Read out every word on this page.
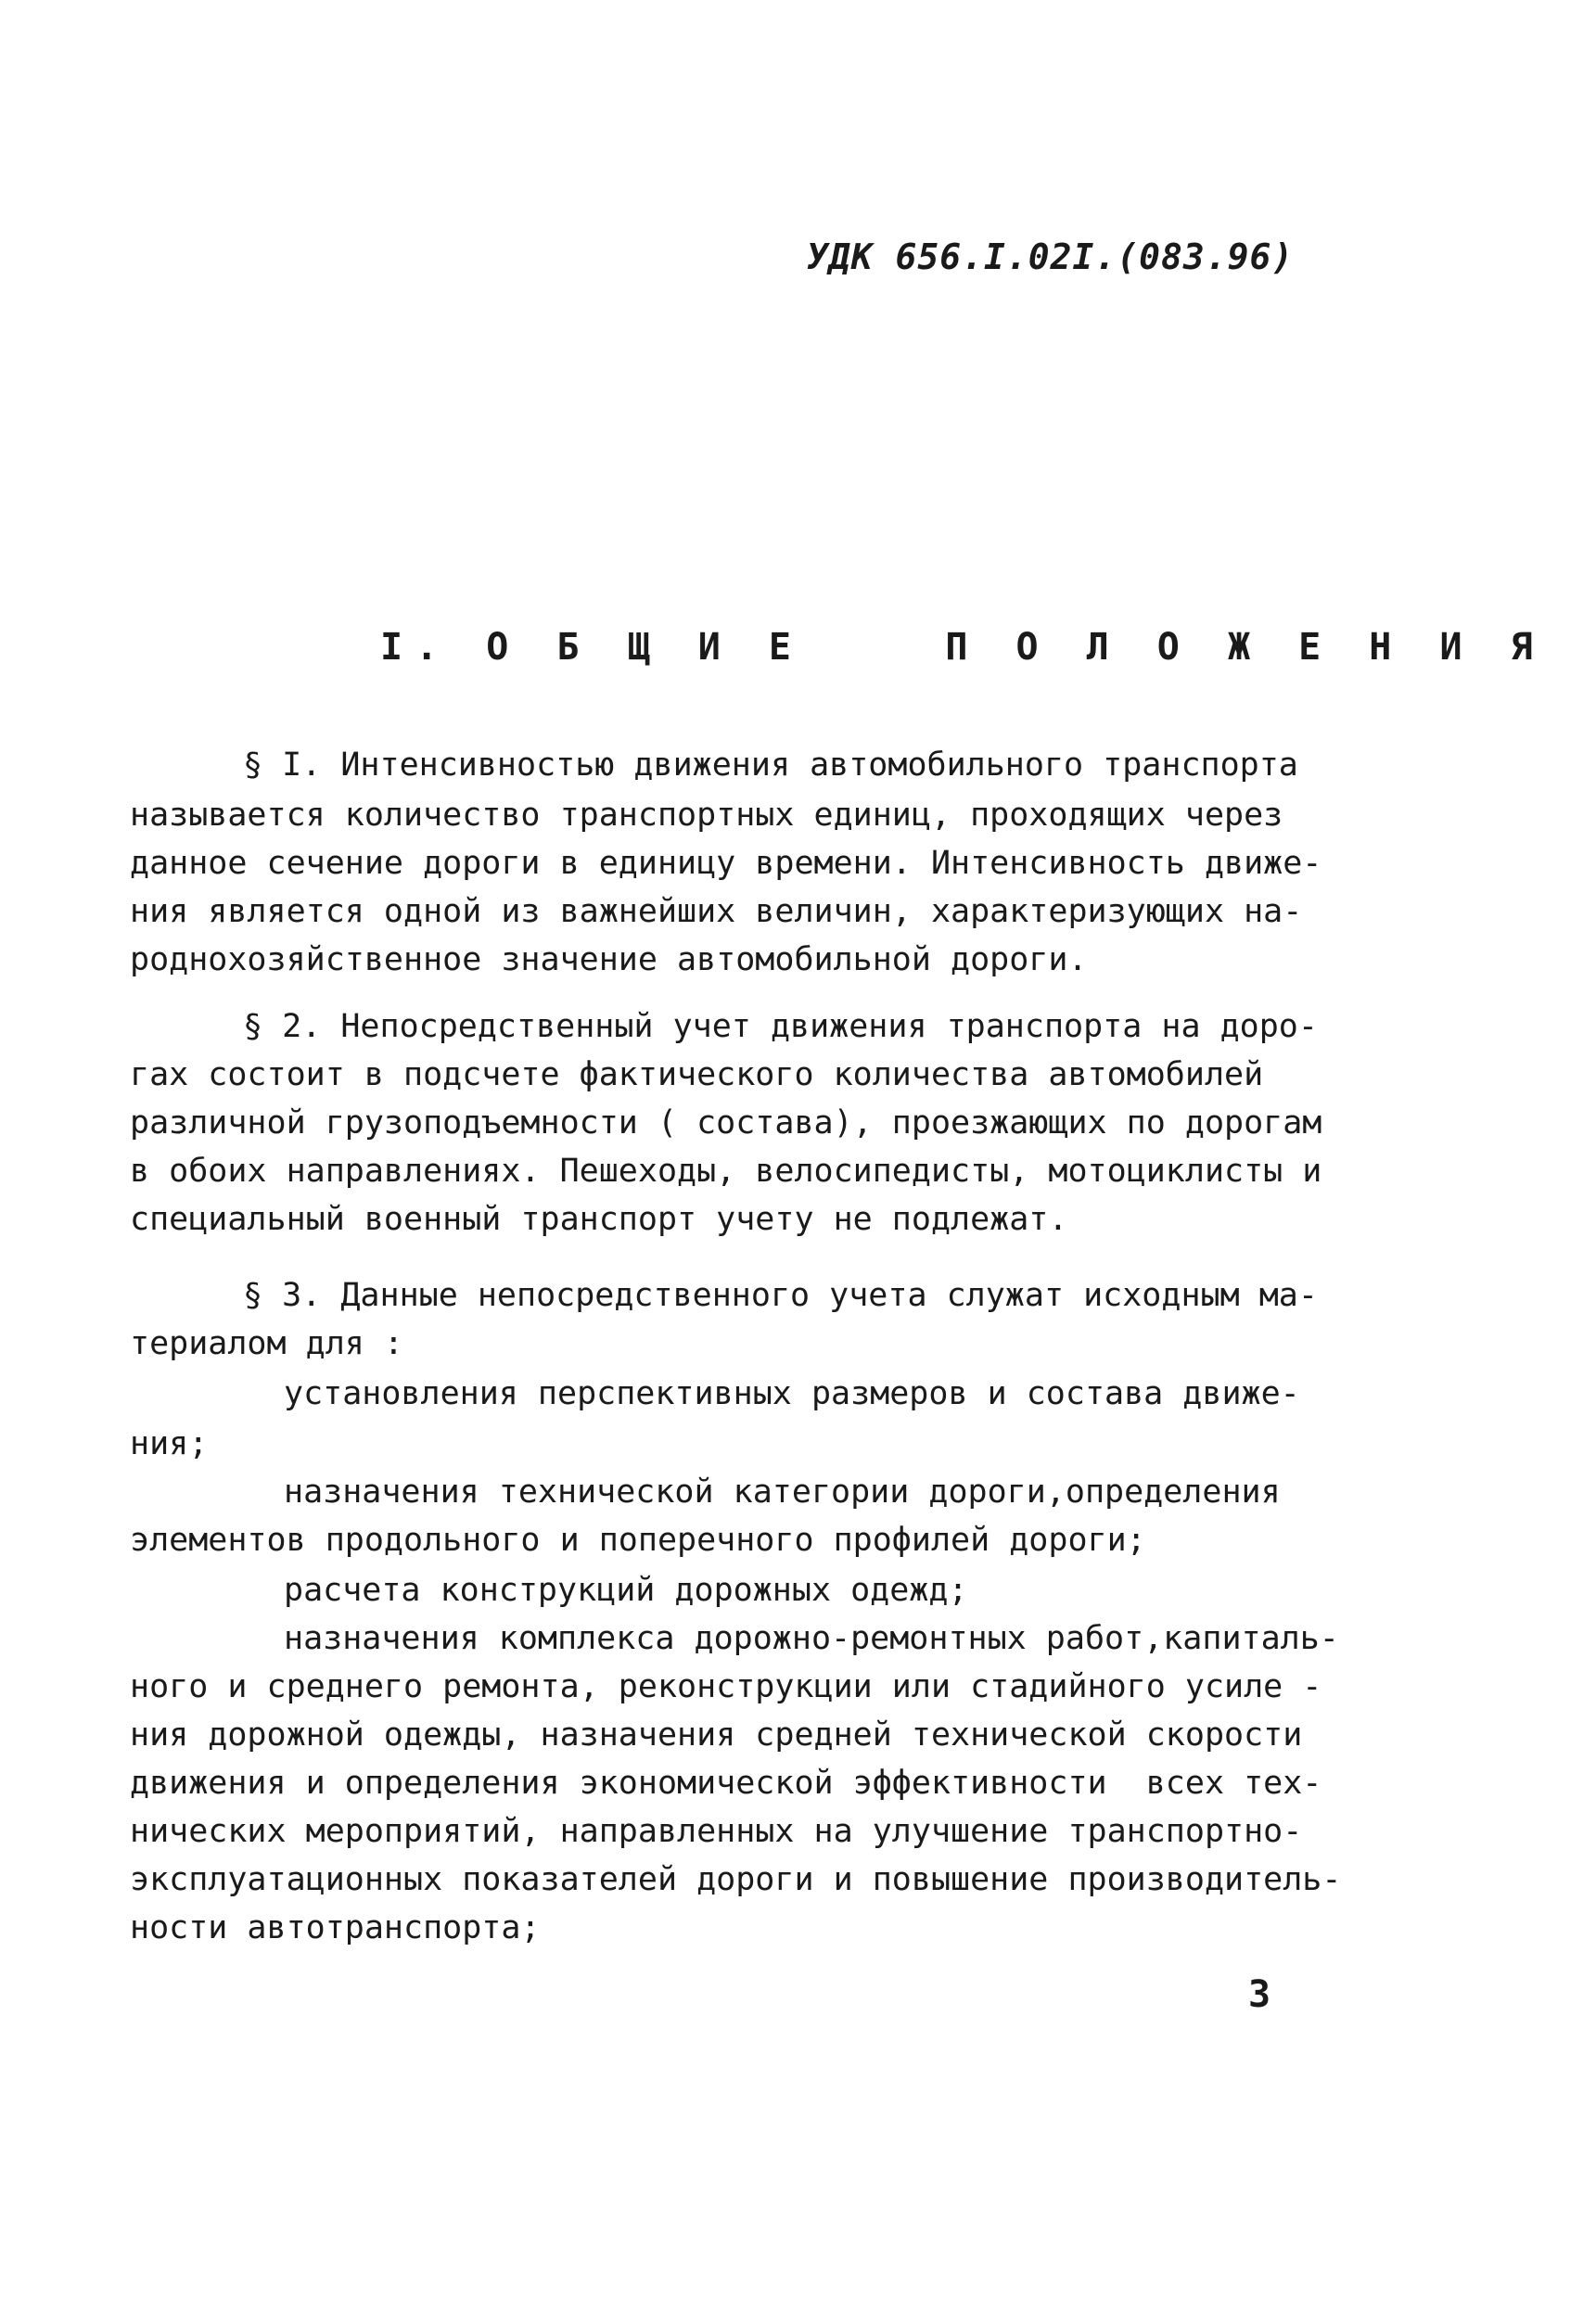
УДК 656.I.02I.(083.96)
I. О Б Щ И Е    П О Л О Ж Е Н И Я
§ I. Интенсивностью движения автомобильного транспорта
называется количество транспортных единиц, проходящих через
данное сечение дороги в единицу времени. Интенсивность движе-
ния является одной из важнейших величин, характеризующих на-
роднохозяйственное значение автомобильной дороги.
§ 2. Непосредственный учет движения транспорта на доро-
гах состоит в подсчете фактического количества автомобилей
различной грузоподъемности ( состава), проезжающих по дорогам
в обоих направлениях. Пешеходы, велосипедисты, мотоциклисты и
специальный военный транспорт учету не подлежат.
§ 3. Данные непосредственного учета служат исходным ма-
териалом для :
установления перспективных размеров и состава движе-
ния;
назначения технической категории дороги,определения
элементов продольного и поперечного профилей дороги;
расчета конструкций дорожных одежд;
назначения комплекса дорожно-ремонтных работ,капиталь-
ного и среднего ремонта, реконструкции или стадийного усиле -
ния дорожной одежды, назначения средней технической скорости
движения и определения экономической эффективности  всех тех-
нических мероприятий, направленных на улучшение транспортно-
эксплуатационных показателей дороги и повышение производитель-
ности автотранспорта;
3
